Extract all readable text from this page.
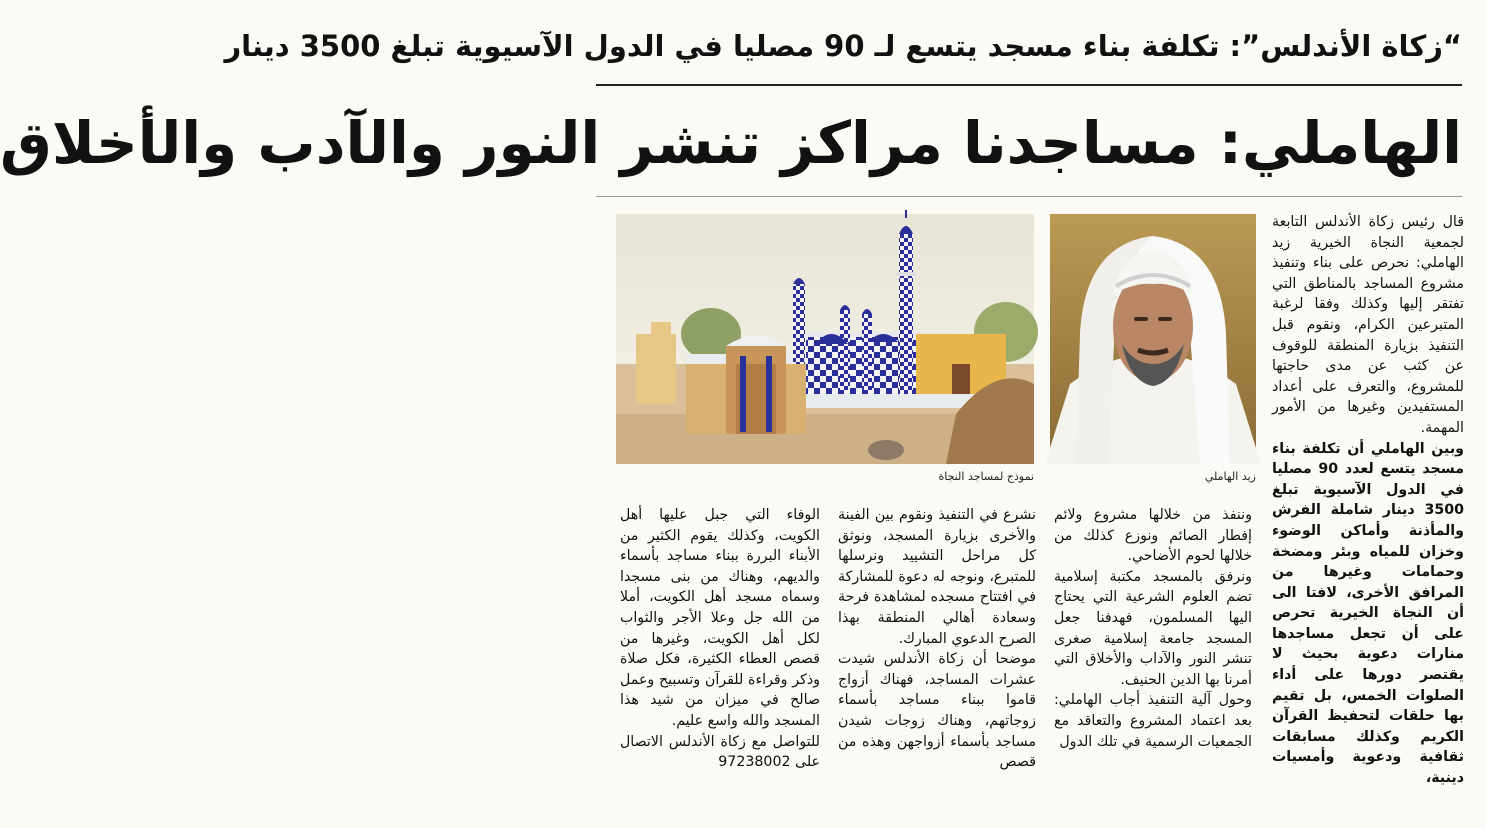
“زكاة الأندلس”: تكلفة بناء مسجد يتسع لـ 90 مصليا في الدول الآسيوية تبلغ 3500 دينار
الهاملي: مساجدنا مراكز تنشر النور والآدب والأخلاق

قال رئيس زكاة الأندلس التابعة لجمعية النجاة الخيرية زيد الهاملي: نحرص على بناء وتنفيذ مشروع المساجد بالمناطق التي تفتقر إليها وكذلك وفقا لرغبة المتبرعين الكرام، ونقوم قبل التنفيذ بزيارة المنطقة للوقوف عن كثب عن مدى حاجتها للمشروع، والتعرف على أعداد المستفيدين وغيرها من الأمور المهمة.

وبين الهاملي أن تكلفة بناء مسجد يتسع لعدد 90 مصليا في الدول الآسيوية تبلغ 3500 دينار شاملة الفرش والمأذنة وأماكن الوضوء وخزان للمياه وبئر ومضخة وحمامات وغيرها من المرافق الأخرى، لافتا الى أن النجاة الخيرية تحرص على أن تجعل مساجدها منارات دعوية بحيث لا يقتصر دورها على أداء الصلوات الخمس، بل تقيم بها حلقات لتحفيظ القرآن الكريم وكذلك مسابقات ثقافية ودعوية وأمسيات دينية،

زيد الهاملي
نموذج لمساجد النجاة

وننفذ من خلالها مشروع ولائم إفطار الصائم ونوزع كذلك من خلالها لحوم الأضاحي.

ونرفق بالمسجد مكتبة إسلامية تضم العلوم الشرعية التي يحتاج اليها المسلمون، فهدفنا جعل المسجد جامعة إسلامية صغرى تنشر النور والآداب والأخلاق التي أمرنا بها الدين الحنيف.

وحول آلية التنفيذ أجاب الهاملي: بعد اعتماد المشروع والتعاقد مع الجمعيات الرسمية في تلك الدول

نشرع في التنفيذ ونقوم بين الفينة والأخرى بزيارة المسجد، ونوثق كل مراحل التشييد ونرسلها للمتبرع، ونوجه له دعوة للمشاركة في افتتاح مسجده لمشاهدة فرحة وسعادة أهالي المنطقة بهذا الصرح الدعوي المبارك.

موضحا أن زكاة الأندلس شيدت عشرات المساجد، فهناك أزواج قاموا ببناء مساجد بأسماء زوجاتهم، وهناك زوجات شيدن مساجد بأسماء أزواجهن وهذه من قصص

الوفاء التي جبل عليها أهل الكويت، وكذلك يقوم الكثير من الأبناء البررة ببناء مساجد بأسماء والديهم، وهناك من بنى مسجدا وسماه مسجد أهل الكويت، أملا من الله جل وعلا الأجر والثواب لكل أهل الكويت، وغيرها من قصص العطاء الكثيرة، فكل صلاة وذكر وقراءة للقرآن وتسبيح وعمل صالح في ميزان من شيد هذا المسجد والله واسع عليم.

للتواصل مع زكاة الأندلس الاتصال على 97238002
